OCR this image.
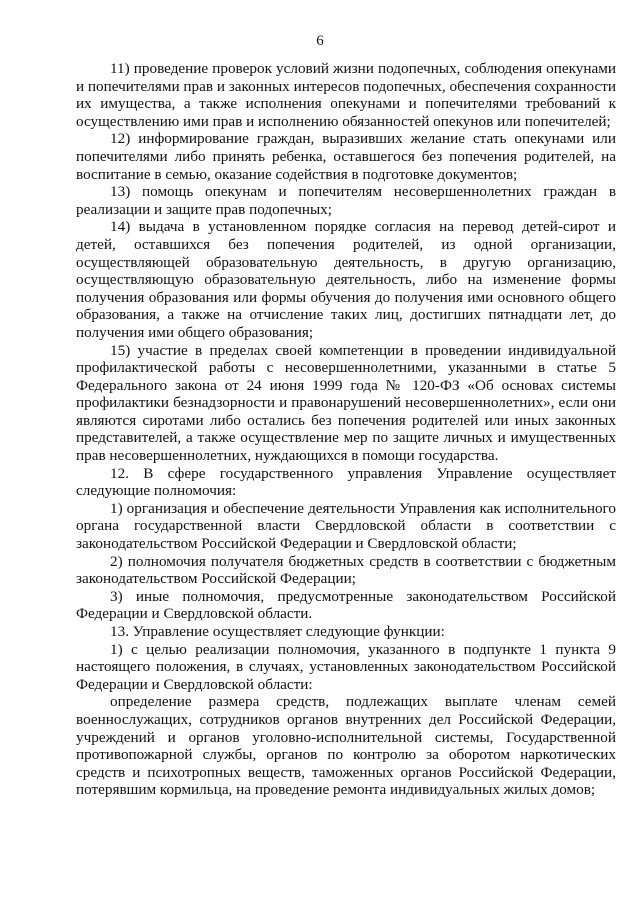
6

11) проведение проверок условий жизни подопечных, соблюдения опекунами и попечителями прав и законных интересов подопечных, обеспечения сохранности их имущества, а также исполнения опекунами и попечителями требований к осуществлению ими прав и исполнению обязанностей опекунов или попечителей;

12) информирование граждан, выразивших желание стать опекунами или попечителями либо принять ребенка, оставшегося без попечения родителей, на воспитание в семью, оказание содействия в подготовке документов;

13) помощь опекунам и попечителям несовершеннолетних граждан в реализации и защите прав подопечных;

14) выдача в установленном порядке согласия на перевод детей-сирот и детей, оставшихся без попечения родителей, из одной организации, осуществляющей образовательную деятельность, в другую организацию, осуществляющую образовательную деятельность, либо на изменение формы получения образования или формы обучения до получения ими основного общего образования, а также на отчисление таких лиц, достигших пятнадцати лет, до получения ими общего образования;

15) участие в пределах своей компетенции в проведении индивидуальной профилактической работы с несовершеннолетними, указанными в статье 5 Федерального закона от 24 июня 1999 года № 120-ФЗ «Об основах системы профилактики безнадзорности и правонарушений несовершеннолетних», если они являются сиротами либо остались без попечения родителей или иных законных представителей, а также осуществление мер по защите личных и имущественных прав несовершеннолетних, нуждающихся в помощи государства.

12. В сфере государственного управления Управление осуществляет следующие полномочия:

1) организация и обеспечение деятельности Управления как исполнительного органа государственной власти Свердловской области в соответствии с законодательством Российской Федерации и Свердловской области;

2) полномочия получателя бюджетных средств в соответствии с бюджетным законодательством Российской Федерации;

3) иные полномочия, предусмотренные законодательством Российской Федерации и Свердловской области.

13. Управление осуществляет следующие функции:

1) с целью реализации полномочия, указанного в подпункте 1 пункта 9 настоящего положения, в случаях, установленных законодательством Российской Федерации и Свердловской области:

определение размера средств, подлежащих выплате членам семей военнослужащих, сотрудников органов внутренних дел Российской Федерации, учреждений и органов уголовно-исполнительной системы, Государственной противопожарной службы, органов по контролю за оборотом наркотических средств и психотропных веществ, таможенных органов Российской Федерации, потерявшим кормильца, на проведение ремонта индивидуальных жилых домов;
